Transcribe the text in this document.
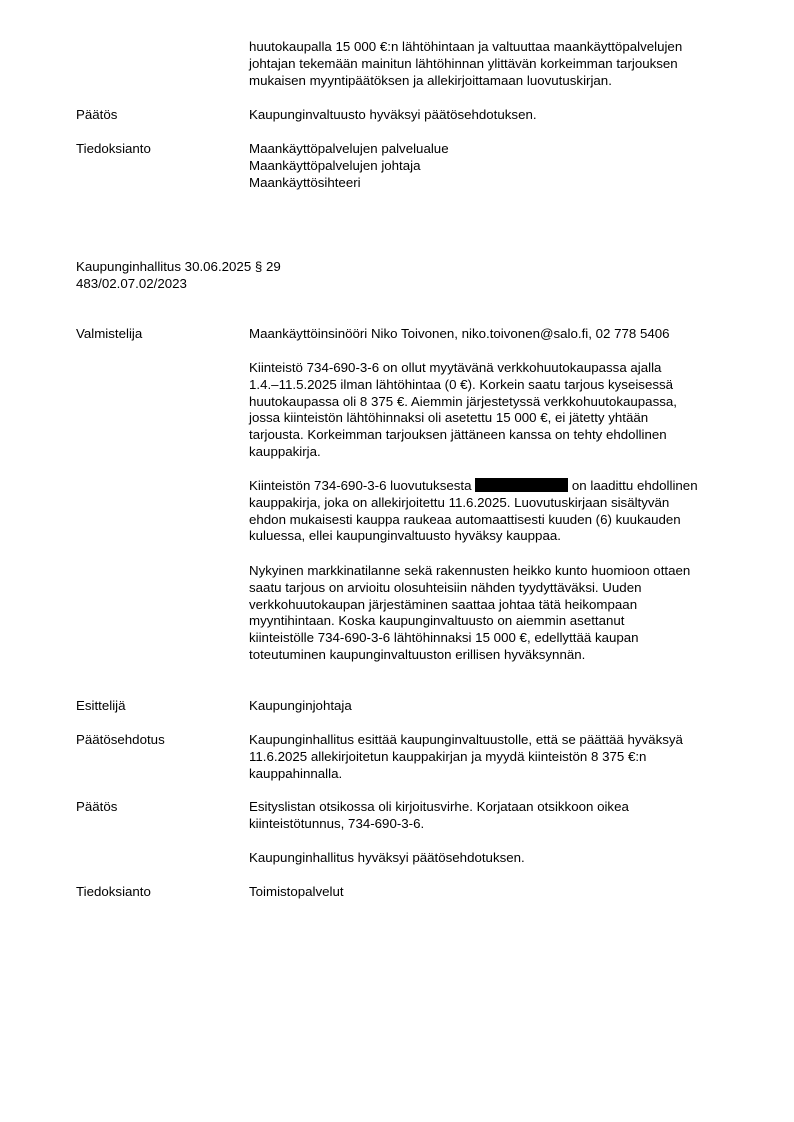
huutokaupalla 15 000 €:n lähtöhintaan ja valtuuttaa maankäyttöpalvelujen
johtajan tekemään mainitun lähtöhinnan ylittävän korkeimman tarjouksen
mukaisen myyntipäätöksen ja allekirjoittamaan luovutuskirjan.
Päätös	Kaupunginvaltuusto hyväksyi päätösehdotuksen.
Tiedoksianto	Maankäyttöpalvelujen palvelualue
Maankäyttöpalvelujen johtaja
Maankäyttösihteeri
Kaupunginhallitus 30.06.2025 § 29
483/02.07.02/2023
Valmistelija	Maankäyttöinsinööri Niko Toivonen, niko.toivonen@salo.fi, 02 778 5406
Kiinteistö 734-690-3-6 on ollut myytävänä verkkohuutokaupassa ajalla
1.4.–11.5.2025 ilman lähtöhintaa (0 €). Korkein saatu tarjous kyseisessä
huutokaupassa oli 8 375 €. Aiemmin järjestetyssä verkkohuutokaupassa,
jossa kiinteistön lähtöhinnaksi oli asetettu 15 000 €, ei jätetty yhtään
tarjousta. Korkeimman tarjouksen jättäneen kanssa on tehty ehdollinen
kauppakirja.
Kiinteistön 734-690-3-6 luovutuksesta	on laadittu ehdollinen
kauppakirja, joka on allekirjoitettu 11.6.2025. Luovutuskirjaan sisältyvän
ehdon mukaisesti kauppa raukeaa automaattisesti kuuden (6) kuukauden
kuluessa, ellei kaupunginvaltuusto hyväksy kauppaa.
Nykyinen markkinatilanne sekä rakennusten heikko kunto huomioon ottaen
saatu tarjous on arvioitu olosuhteisiin nähden tyydyttäväksi. Uuden
verkkohuutokaupan järjestäminen saattaa johtaa tätä heikompaan
myyntihintaan. Koska kaupunginvaltuusto on aiemmin asettanut
kiinteistölle 734-690-3-6 lähtöhinnaksi 15 000 €, edellyttää kaupan
toteutuminen kaupunginvaltuuston erillisen hyväksynnän.
Esittelijä	Kaupunginjohtaja
Päätösehdotus	Kaupunginhallitus esittää kaupunginvaltuustolle, että se päättää hyväksyä
11.6.2025 allekirjoitetun kauppakirjan ja myydä kiinteistön 8 375 €:n
kauppahinnalla.
Päätös	Esityslistan otsikossa oli kirjoitusvirhe. Korjataan otsikkoon oikea
kiinteistötunnus, 734-690-3-6.
Kaupunginhallitus hyväksyi päätösehdotuksen.
Tiedoksianto	Toimistopalvelut
